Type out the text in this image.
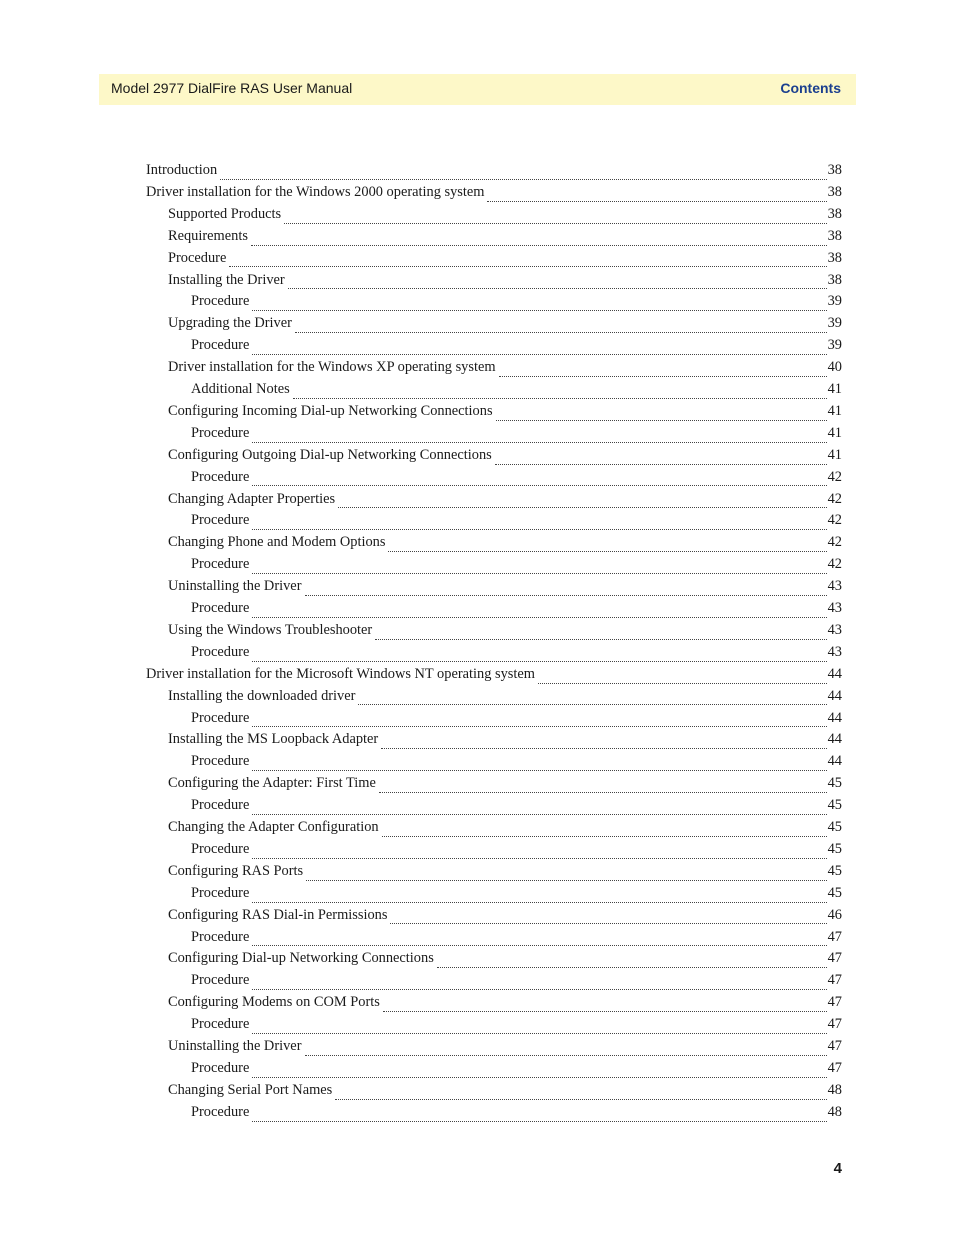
Model 2977 DialFire RAS User Manual	Contents
Introduction	38
Driver installation for the Windows 2000 operating system	38
Supported Products	38
Requirements	38
Procedure	38
Installing the Driver	38
Procedure	39
Upgrading the Driver	39
Procedure	39
Driver installation for the Windows XP operating system	40
Additional Notes	41
Configuring Incoming Dial-up Networking Connections	41
Procedure	41
Configuring Outgoing Dial-up Networking Connections	41
Procedure	42
Changing Adapter Properties	42
Procedure	42
Changing Phone and Modem Options	42
Procedure	42
Uninstalling the Driver	43
Procedure	43
Using the Windows Troubleshooter	43
Procedure	43
Driver installation for the Microsoft Windows NT operating system	44
Installing the downloaded driver	44
Procedure	44
Installing the MS Loopback Adapter	44
Procedure	44
Configuring the Adapter: First Time	45
Procedure	45
Changing the Adapter Configuration	45
Procedure	45
Configuring RAS Ports	45
Procedure	45
Configuring RAS Dial-in Permissions	46
Procedure	47
Configuring Dial-up Networking Connections	47
Procedure	47
Configuring Modems on COM Ports	47
Procedure	47
Uninstalling the Driver	47
Procedure	47
Changing Serial Port Names	48
Procedure	48
4
